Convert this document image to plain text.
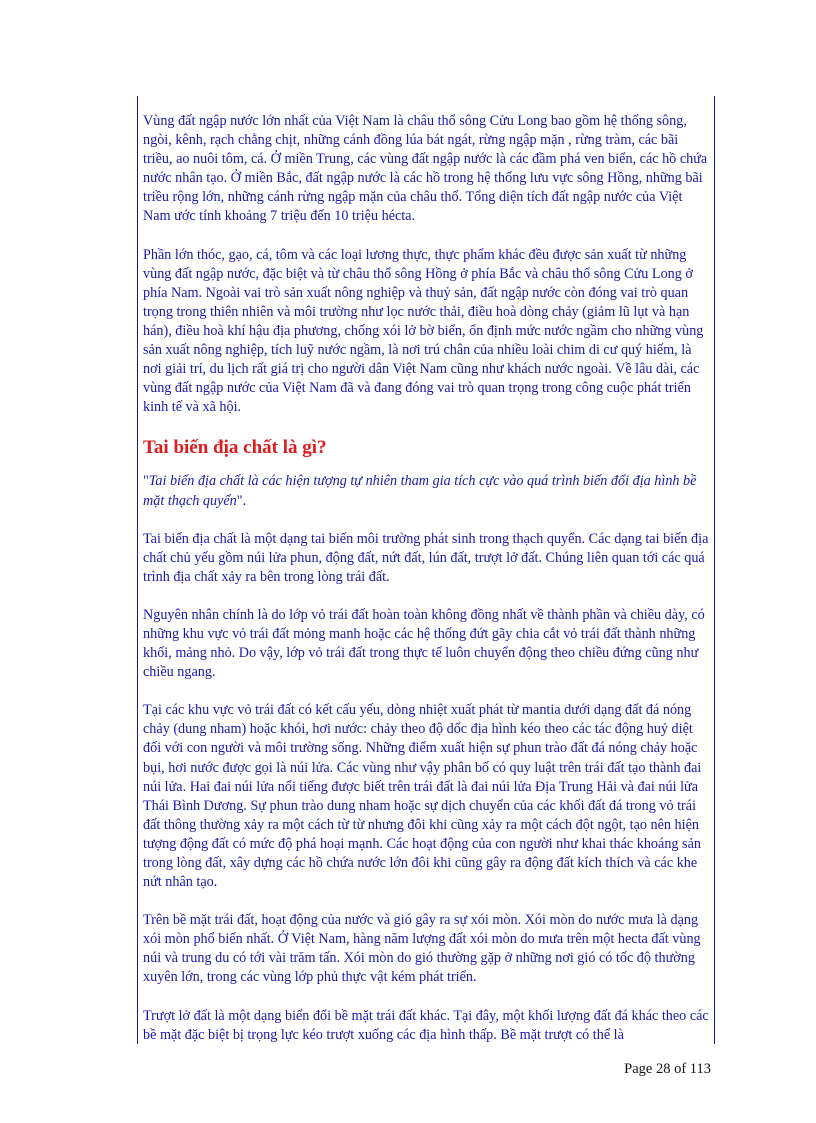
Vùng đất ngập nước lớn nhất của Việt Nam là châu thổ sông Cửu Long bao gồm hệ thống sông, ngòi, kênh, rạch chằng chịt, những cánh đồng lúa bát ngát, rừng ngập mặn , rừng tràm, các bãi triều, ao nuôi tôm, cá. Ở miền Trung, các vùng đất ngập nước là các đầm phá ven biển, các hồ chứa nước nhân tạo. Ở miền Bắc, đất ngập nước là các hồ trong hệ thống lưu vực sông Hồng, những bãi triều rộng lớn, những cánh rừng ngập mặn của châu thổ. Tổng diện tích đất ngập nước của Việt Nam ước tính khoảng 7 triệu đến 10 triệu hécta.

Phần lớn thóc, gạo, cá, tôm và các loại lương thực, thực phẩm khác đều được sản xuất từ những vùng đất ngập nước, đặc biệt và từ châu thổ sông Hồng ở phía Bắc và châu thổ sông Cửu Long ở phía Nam. Ngoài vai trò sản xuất nông nghiệp và thuỷ sản, đất ngập nước còn đóng vai trò quan trọng trong thiên nhiên và môi trường như lọc nước thải, điều hoà dòng chảy (giảm lũ lụt và hạn hán), điều hoà khí hậu địa phương, chống xói lở bờ biển, ổn định mức nước ngầm cho những vùng sản xuất nông nghiệp, tích luỹ nước ngầm, là nơi trú chân của nhiều loài chim di cư quý hiếm, là nơi giải trí, du lịch rất giá trị cho người dân Việt Nam cũng như khách nước ngoài. Về lâu dài, các vùng đất ngập nước của Việt Nam đã và đang đóng vai trò quan trọng trong công cuộc phát triển kinh tế và xã hội.

Tai biến địa chất là gì?

"Tai biến địa chất là các hiện tượng tự nhiên tham gia tích cực vào quá trình biến đổi địa hình bề mặt thạch quyển".

Tai biến địa chất là một dạng tai biến môi trường phát sinh trong thạch quyển. Các dạng tai biến địa chất chủ yếu gồm núi lửa phun, động đất, nứt đất, lún đất, trượt lở đất. Chúng liên quan tới các quá trình địa chất xảy ra bên trong lòng trái đất.

Nguyên nhân chính là do lớp vỏ trái đất hoàn toàn không đồng nhất về thành phần và chiều dày, có những khu vực vỏ trái đất mỏng manh hoặc các hệ thống đứt gãy chia cắt vỏ trái đất thành những khối, mảng nhỏ. Do vậy, lớp vỏ trái đất trong thực tế luôn chuyển động theo chiều đứng cũng như chiều ngang.

Tại các khu vực vỏ trái đất có kết cấu yếu, dòng nhiệt xuất phát từ mantia dưới dạng đất đá nóng chảy (dung nham) hoặc khói, hơi nước: chảy theo độ dốc địa hình kéo theo các tác động huỷ diệt đối với con người và môi trường sống. Những điểm xuất hiện sự phun trào đất đá nóng chảy hoặc bụi, hơi nước được gọi là núi lửa. Các vùng như vậy phân bố có quy luật trên trái đất tạo thành đai núi lửa. Hai đai núi lửa nổi tiếng được biết trên trái đất là đai núi lửa Địa Trung Hải và đai núi lửa Thái Bình Dương. Sự phun trào dung nham hoặc sự dịch chuyển của các khối đất đá trong vỏ trái đất thông thường xảy ra một cách từ từ nhưng đôi khi cũng xảy ra một cách đột ngột, tạo nên hiện tượng động đất có mức độ phá hoại mạnh. Các hoạt động của con người như khai thác khoáng sản trong lòng đất, xây dựng các hồ chứa nước lớn đôi khi cũng gây ra động đất kích thích và các khe nứt nhân tạo.

Trên bề mặt trái đất, hoạt động của nước và gió gây ra sự xói mòn. Xói mòn do nước mưa là dạng xói mòn phổ biến nhất. Ở Việt Nam, hàng năm lượng đất xói mòn do mưa trên một hecta đất vùng núi và trung du có tới vài trăm tấn. Xói mòn do gió thường gặp ở những nơi gió có tốc độ thường xuyên lớn, trong các vùng lớp phủ thực vật kém phát triển.

Trượt lở đất là một dạng biến đổi bề mặt trái đất khác. Tại đây, một khối lượng đất đá khác theo các bề mặt đặc biệt bị trọng lực kéo trượt xuống các địa hình thấp. Bề mặt trượt có thể là

Page 28 of 113
